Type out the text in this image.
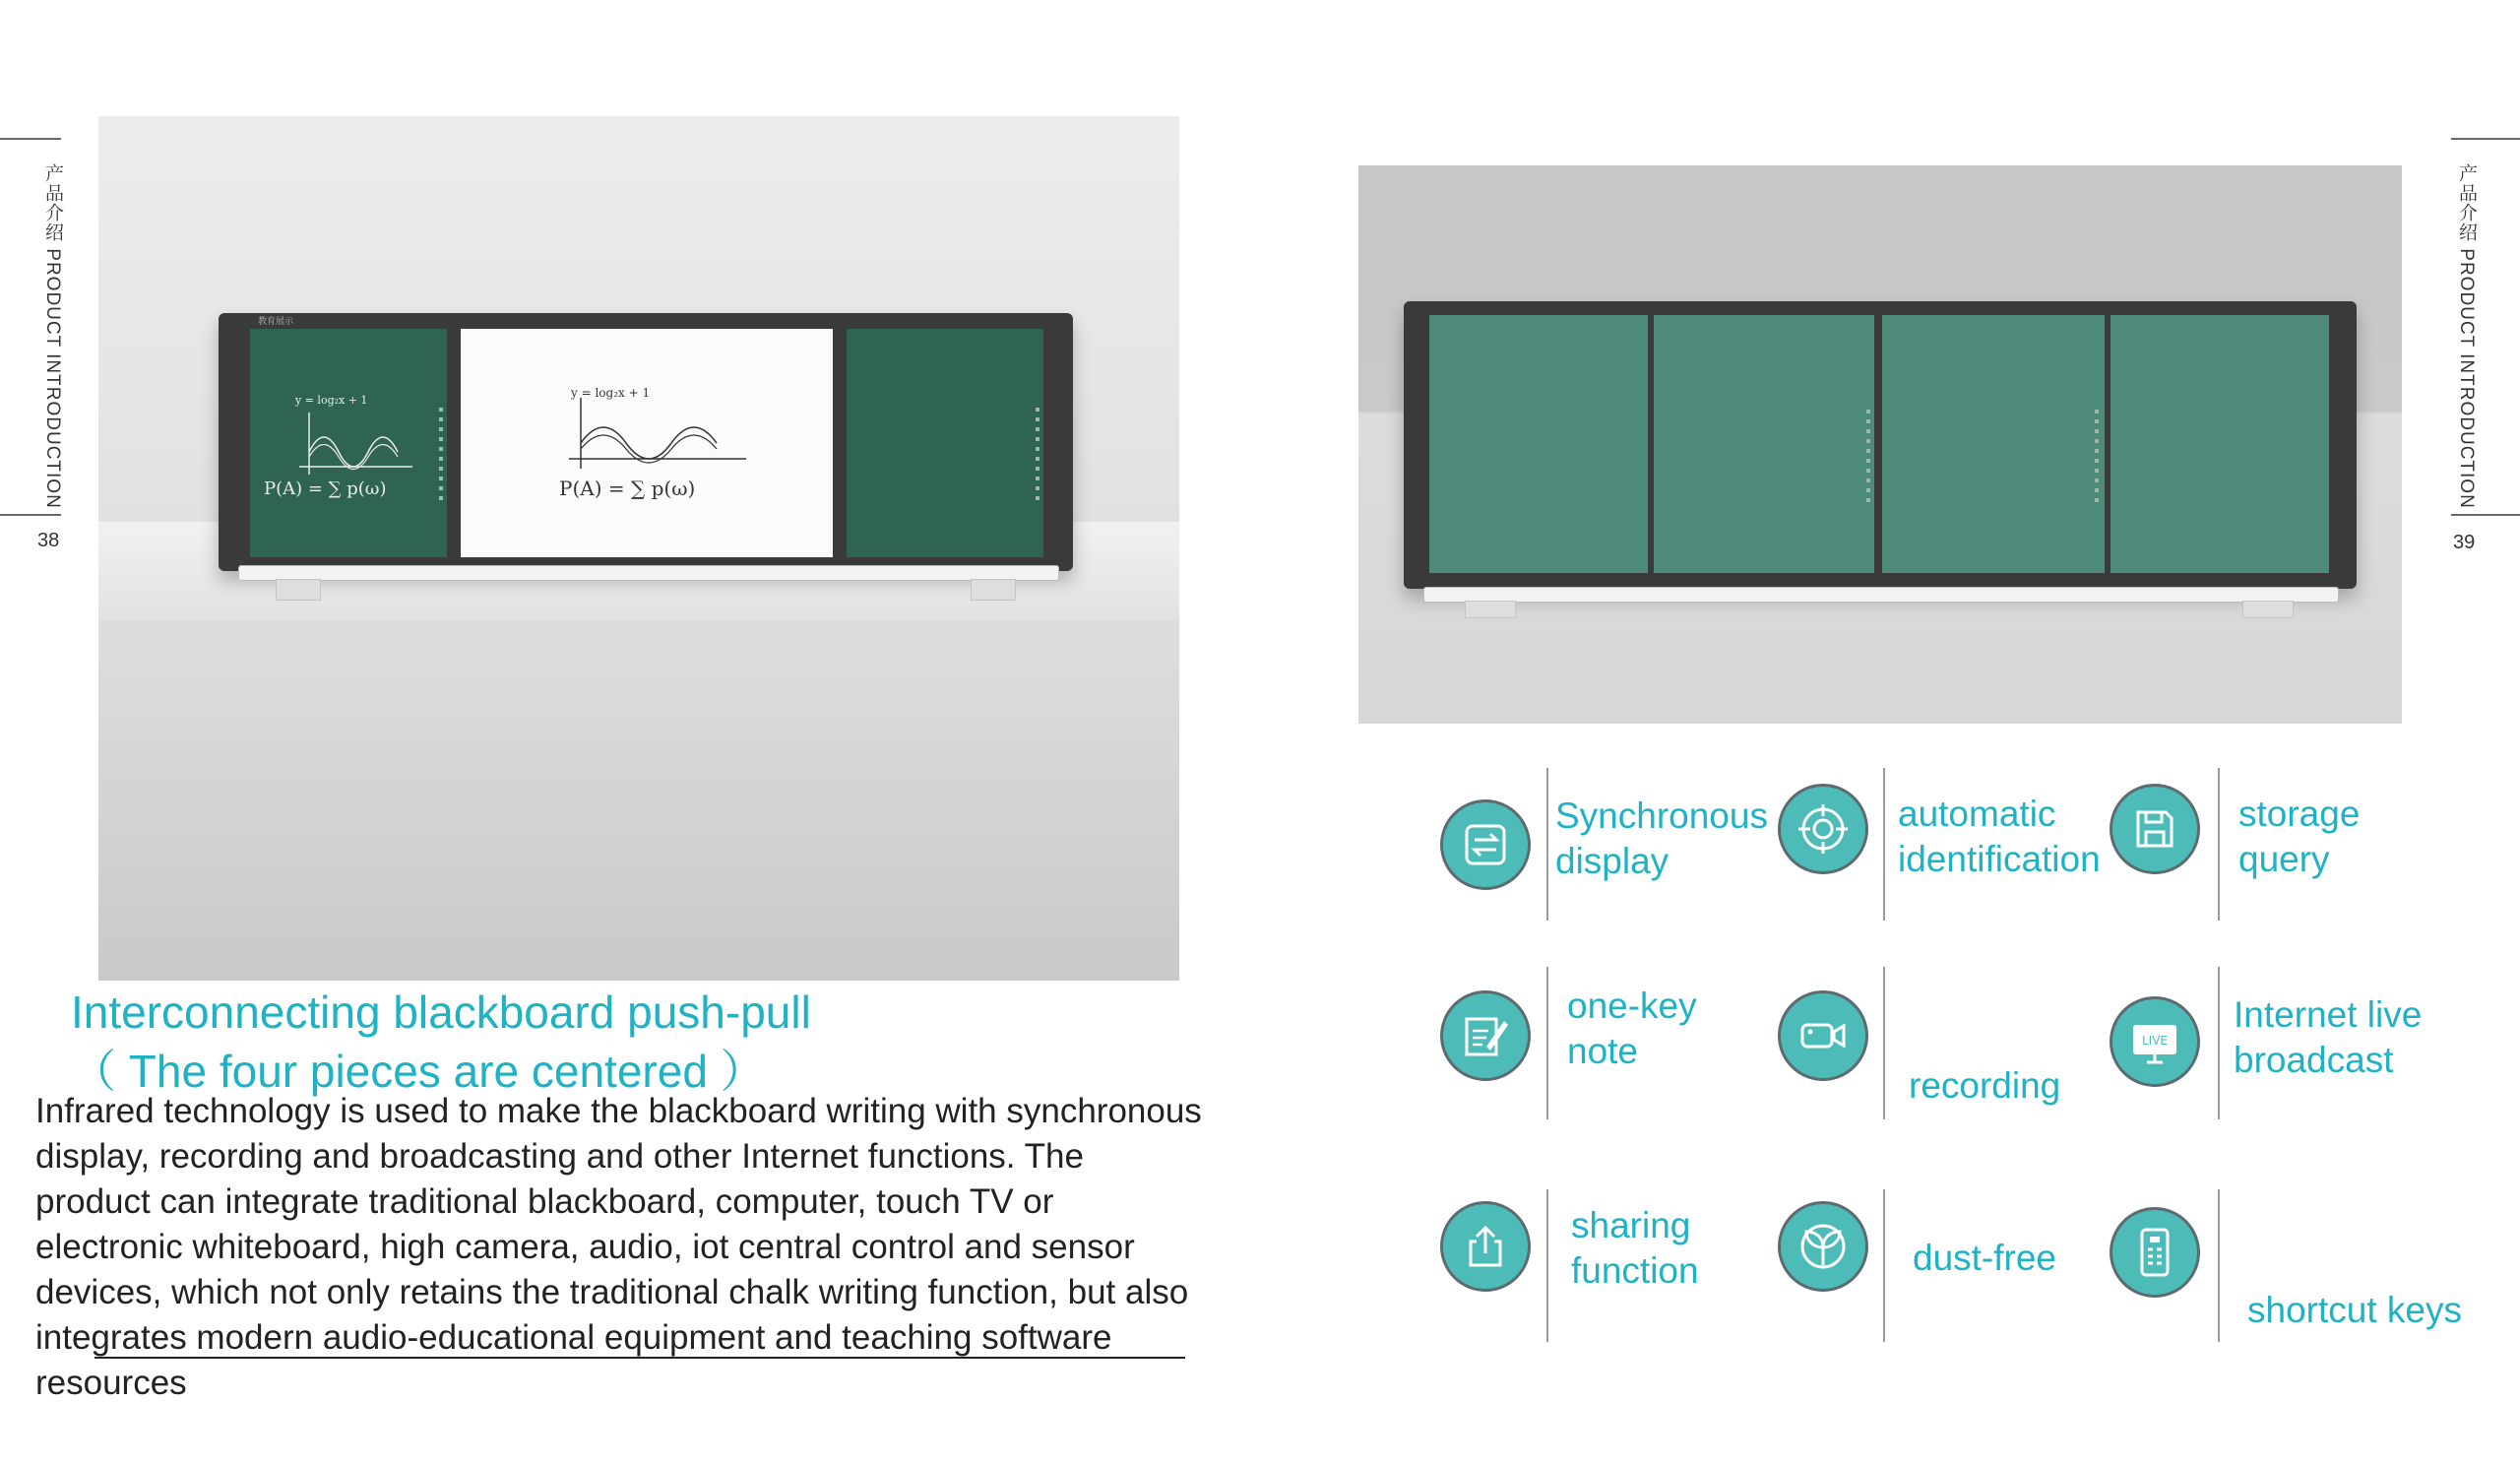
产品介绍 PRODUCT INTRODUCTION
38
产品介绍 PRODUCT INTRODUCTION
39
y = log₂x + 1
P(A) = ∑ p(ω)
y = log₂x + 1
P(A) = ∑ p(ω)
教育展示
Interconnecting blackboard push-pull
（ The four pieces are centered ）
Infrared technology is used to make the blackboard writing with synchronous
display, recording and broadcasting and other Internet functions. The
product can integrate traditional blackboard, computer, touch TV or
electronic whiteboard, high camera, audio, iot central control and sensor
devices, which not only retains the traditional chalk writing function, but also
integrates modern audio-educational equipment and teaching software
resources
Synchronous
display
automatic
identification
storage
query
one-key
note
recording
LIVE
Internet live
broadcast
sharing
function	dust-free
shortcut keys
